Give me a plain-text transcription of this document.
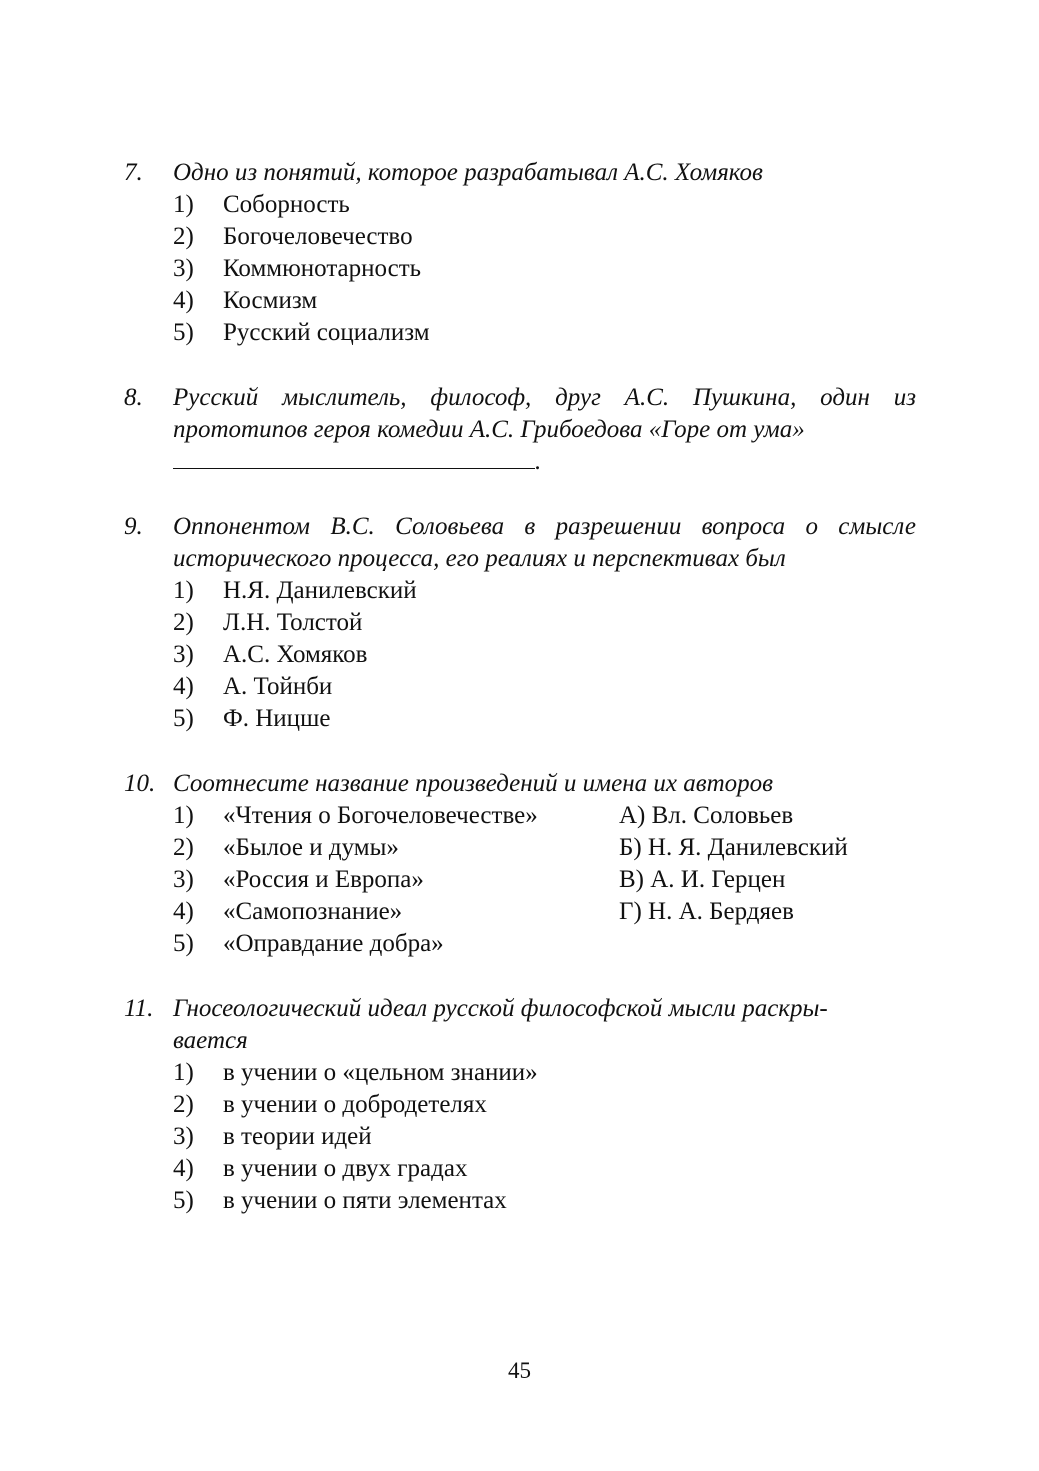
7. Одно из понятий, которое разрабатывал А.С. Хомяков
1) Соборность
2) Богочеловечество
3) Коммюнотарность
4) Космизм
5) Русский социализм
8. Русский мыслитель, философ, друг А.С. Пушкина, один из прототипов героя комедии А.С. Грибоедова «Горе от ума»
.
9. Оппонентом В.С. Соловьева в разрешении вопроса о смысле исторического процесса, его реалиях и перспективах был
1) Н.Я. Данилевский
2) Л.Н. Толстой
3) А.С. Хомяков
4) А. Тойнби
5) Ф. Ницше
10. Соотнесите название произведений и имена их авторов
1) «Чтения о Богочеловечестве»	А) Вл. Соловьев
2) «Былое и думы»	Б) Н. Я. Данилевский
3) «Россия и Европа»	В) А. И. Герцен
4) «Самопознание»	Г) Н. А. Бердяев
5) «Оправдание добра»
11. Гносеологический идеал русской философской мысли раскры-
вается
1) в учении о «цельном знании»
2) в учении о добродетелях
3) в теории идей
4) в учении о двух градах
5) в учении о пяти элементах
45
